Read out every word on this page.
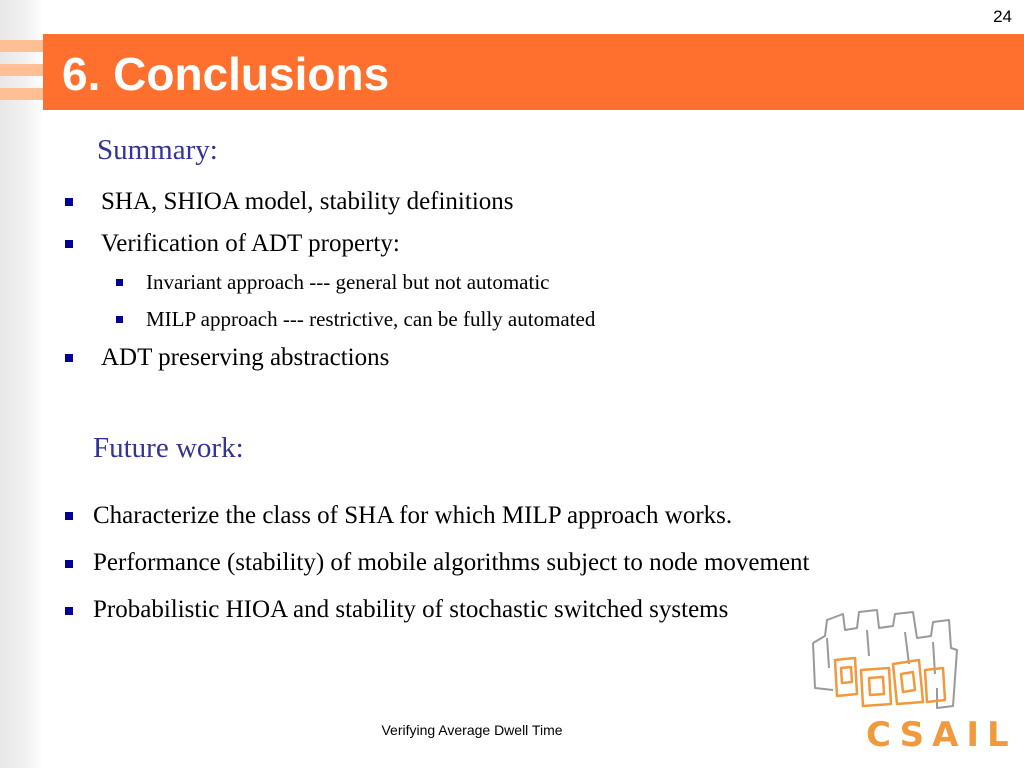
6. Conclusions
24
Summary:
SHA, SHIOA model, stability definitions
Verification of ADT property:
Invariant approach --- general but not automatic
MILP approach --- restrictive, can be fully automated
ADT preserving abstractions
Future work:
Characterize the class of SHA for which MILP approach works.
Performance (stability) of mobile algorithms subject to node movement
Probabilistic HIOA and stability of stochastic switched systems
Verifying Average Dwell Time	CSAIL
